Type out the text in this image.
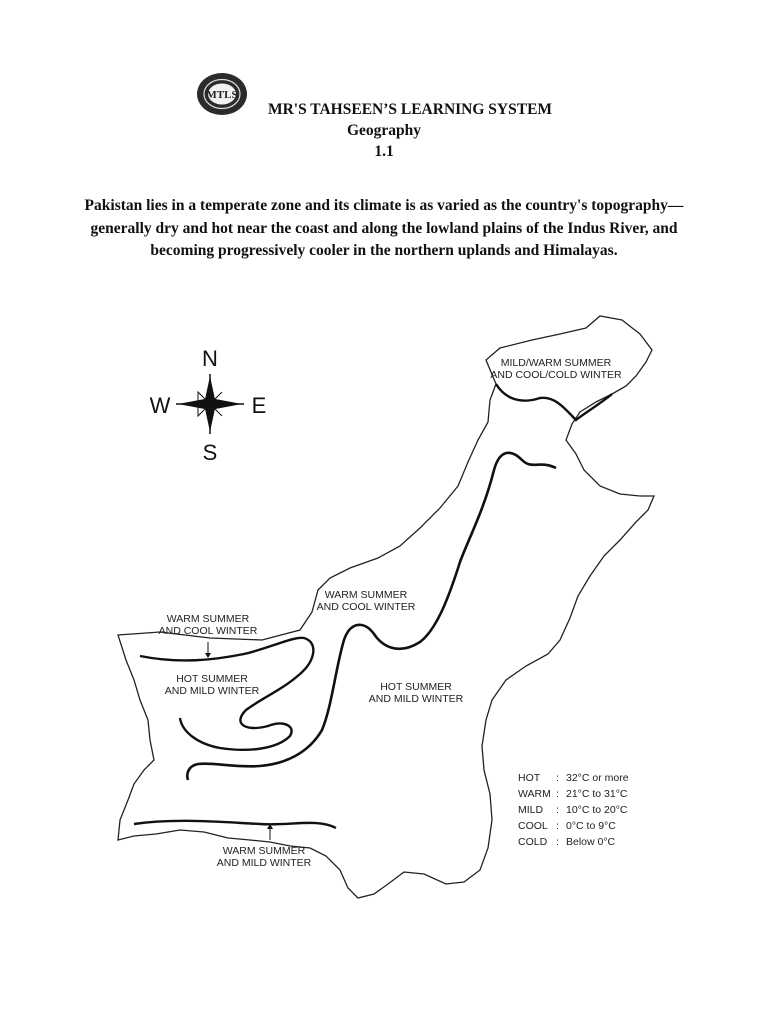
MTLS
MR'S TAHSEEN’S LEARNING SYSTEM
Geography
1.1
Pakistan lies in a temperate zone and its climate is as varied as the country's topography—generally dry and hot near the coast and along the lowland plains of the Indus River, and becoming progressively cooler in the northern uplands and Himalayas.
N
S
E
W
MILD/WARM SUMMER
AND COOL/COLD WINTER
WARM SUMMER
AND COOL WINTER
WARM SUMMER
AND COOL WINTER
HOT SUMMER
AND MILD WINTER	HOT SUMMER
AND MILD WINTER
WARM SUMMER
AND MILD WINTER
HOT : 32°C or more
WARM : 21°C to 31°C
MILD : 10°C to 20°C
COOL : 0°C to 9°C
COLD : Below 0°C
